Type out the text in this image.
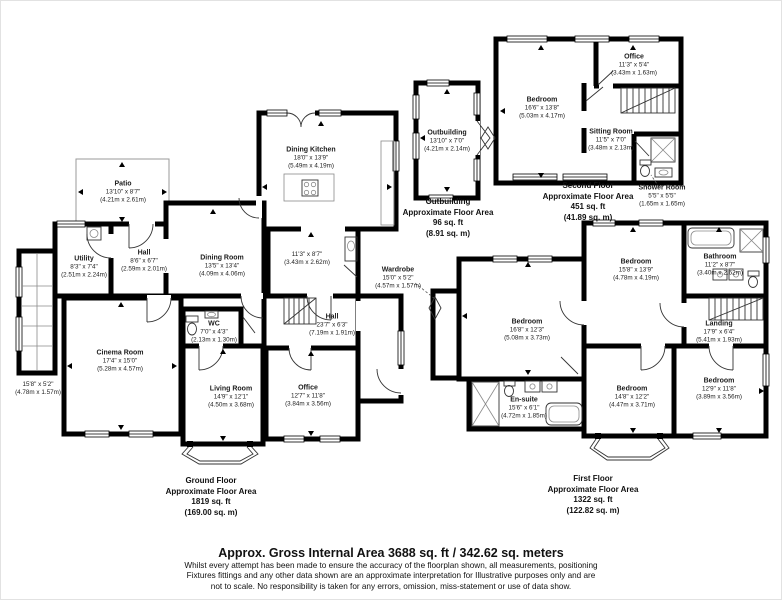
Patio
13'10" x 8'7"
(4.21m x 2.61m)
Dining Kitchen
18'0" x 13'9"
(5.49m x 4.19m)
Utility
8'3" x 7'4"
(2.51m x 2.24m)
Hall
8'6" x 6'7"
(2.59m x 2.01m)
Dining Room
13'5" x 13'4"
(4.09m x 4.06m)
11'3" x 8'7"
(3.43m x 2.62m)
Cinema Room
17'4" x 15'0"
(5.28m x 4.57m)
15'8" x 5'2"
(4.78m x 1.57m)
WC
7'0" x 4'3"
(2.13m x 1.30m)
Living Room
14'9" x 12'1"
(4.50m x 3.68m)
Hall
23'7" x 6'3"
(7.19m x 1.91m)
Office
12'7" x 11'8"
(3.84m x 3.56m)
Ground Floor
Approximate Floor Area
1819 sq. ft
(169.00 sq. m)
Outbuilding
13'10" x 7'0"
(4.21m x 2.14m)
Outbuilding
Approximate Floor Area
96 sq. ft
(8.91 sq. m)
Bedroom
16'6" x 13'8"
(5.03m x 4.17m)
Office
11'3" x 5'4"
(3.43m x 1.63m)
Sitting Room
11'5" x 7'0"
(3.48m x 2.13m)
Shower Room
5'5" x 5'5"
(1.65m x 1.65m)
Second Floor
Approximate Floor Area
451 sq. ft
(41.89 sq. m)
Wardrobe
15'0" x 5'2"
(4.57m x 1.57m)
Bedroom
16'8" x 12'3"
(5.08m x 3.73m)
En-suite
15'6" x 6'1"
(4.72m x 1.85m)
Bedroom
15'8" x 13'9"
(4.78m x 4.19m)
Bathroom
11'2" x 8'7"
(3.40m x 2.62m)
Landing
17'9" x 6'4"
(5.41m x 1.93m)
Bedroom
14'8" x 12'2"
(4.47m x 3.71m)
Bedroom
12'9" x 11'8"
(3.89m x 3.56m)
First Floor
Approximate Floor Area
1322 sq. ft
(122.82 sq. m)
Approx. Gross Internal Area 3688 sq. ft / 342.62 sq. meters
Whilst every attempt has been made to ensure the accuracy of the floorplan shown, all measurements, positioning
Fixtures fittings and any other data shown are an approximate interpretation for Illustrative purposes only and are
not to scale. No responsibility is taken for any errors, omission, miss-statement or use of data show.
